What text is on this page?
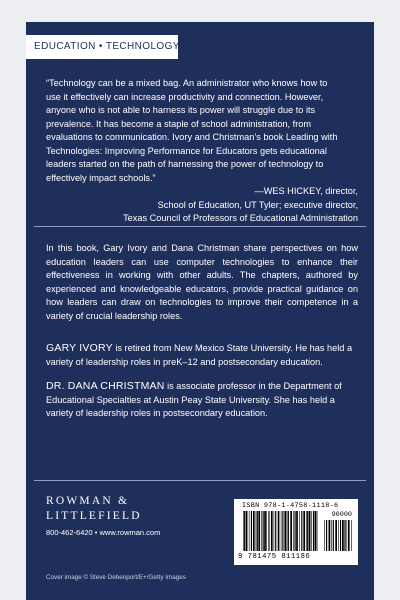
EDUCATION • TECHNOLOGY

“Technology can be a mixed bag. An administrator who knows how to

use it effectively can increase productivity and connection. However,

anyone who is not able to harness its power will struggle due to its

prevalence. It has become a staple of school administration, from

evaluations to communication. Ivory and Christman’s book Leading with

Technologies: Improving Performance for Educators gets educational

leaders started on the path of harnessing the power of technology to

effectively impact schools.”

—WES HICKEY, director,
School of Education, UT Tyler; executive director,
Texas Council of Professors of Educational Administration
In this book, Gary Ivory and Dana Christman share perspectives on how education leaders can use computer technologies to enhance their effectiveness in working with other adults. The chapters, authored by experienced and knowledgeable educators, provide practical guidance on how leaders can draw on technologies to improve their competence in a variety of crucial leadership roles.
GARY IVORY is retired from New Mexico State University. He has held a variety of leadership roles in preK–12 and postsecondary education.
DR. DANA CHRISTMAN is associate professor in the Department of Educational Specialties at Austin Peay State University. She has held a variety of leadership roles in postsecondary education.
ROWMAN &
LITTLEFIELD
800-462-6420 • www.rowman.com
Cover image © Steve Debenport/E+/Getty Images
ISBN 978-1-4758-1118-6
90000
9 781475 811186
